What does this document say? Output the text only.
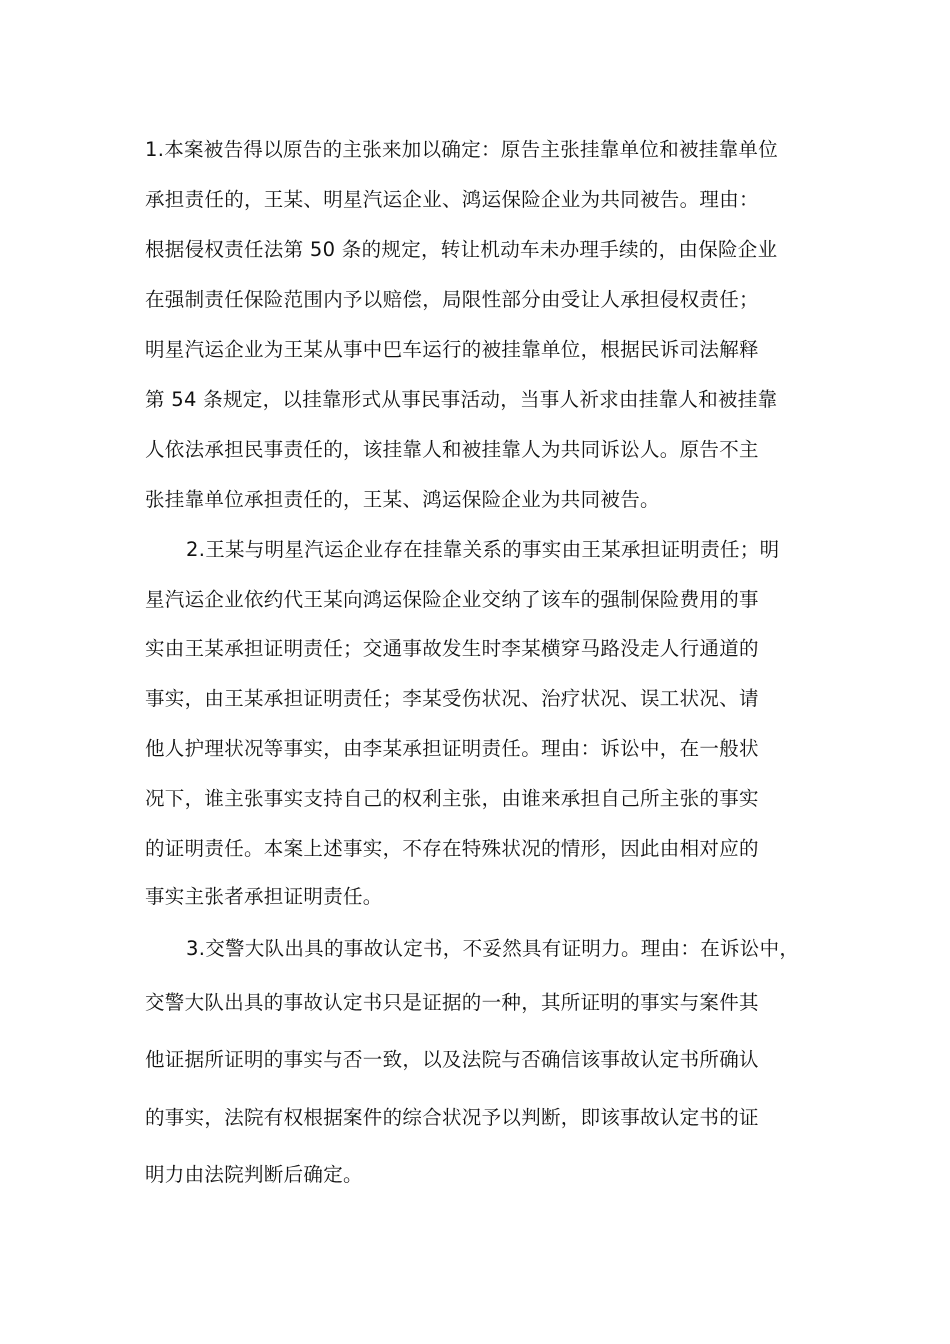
1.本案被告得以原告的主张来加以确定：原告主张挂靠单位和被挂靠单位
承担责任的，王某、明星汽运企业、鸿运保险企业为共同被告。理由：
根据侵权责任法第 50 条的规定，转让机动车未办理手续的，由保险企业
在强制责任保险范围内予以赔偿，局限性部分由受让人承担侵权责任；
明星汽运企业为王某从事中巴车运行的被挂靠单位，根据民诉司法解释
第 54 条规定，以挂靠形式从事民事活动，当事人祈求由挂靠人和被挂靠
人依法承担民事责任的，该挂靠人和被挂靠人为共同诉讼人。原告不主
张挂靠单位承担责任的，王某、鸿运保险企业为共同被告。
2.王某与明星汽运企业存在挂靠关系的事实由王某承担证明责任；明
星汽运企业依约代王某向鸿运保险企业交纳了该车的强制保险费用的事
实由王某承担证明责任；交通事故发生时李某横穿马路没走人行通道的
事实，由王某承担证明责任；李某受伤状况、治疗状况、误工状况、请
他人护理状况等事实，由李某承担证明责任。理由：诉讼中，在一般状
况下，谁主张事实支持自己的权利主张，由谁来承担自己所主张的事实
的证明责任。本案上述事实，不存在特殊状况的情形，因此由相对应的
事实主张者承担证明责任。
3.交警大队出具的事故认定书，不妥然具有证明力。理由：在诉讼中，
交警大队出具的事故认定书只是证据的一种，其所证明的事实与案件其
他证据所证明的事实与否一致，以及法院与否确信该事故认定书所确认
的事实，法院有权根据案件的综合状况予以判断，即该事故认定书的证
明力由法院判断后确定。
